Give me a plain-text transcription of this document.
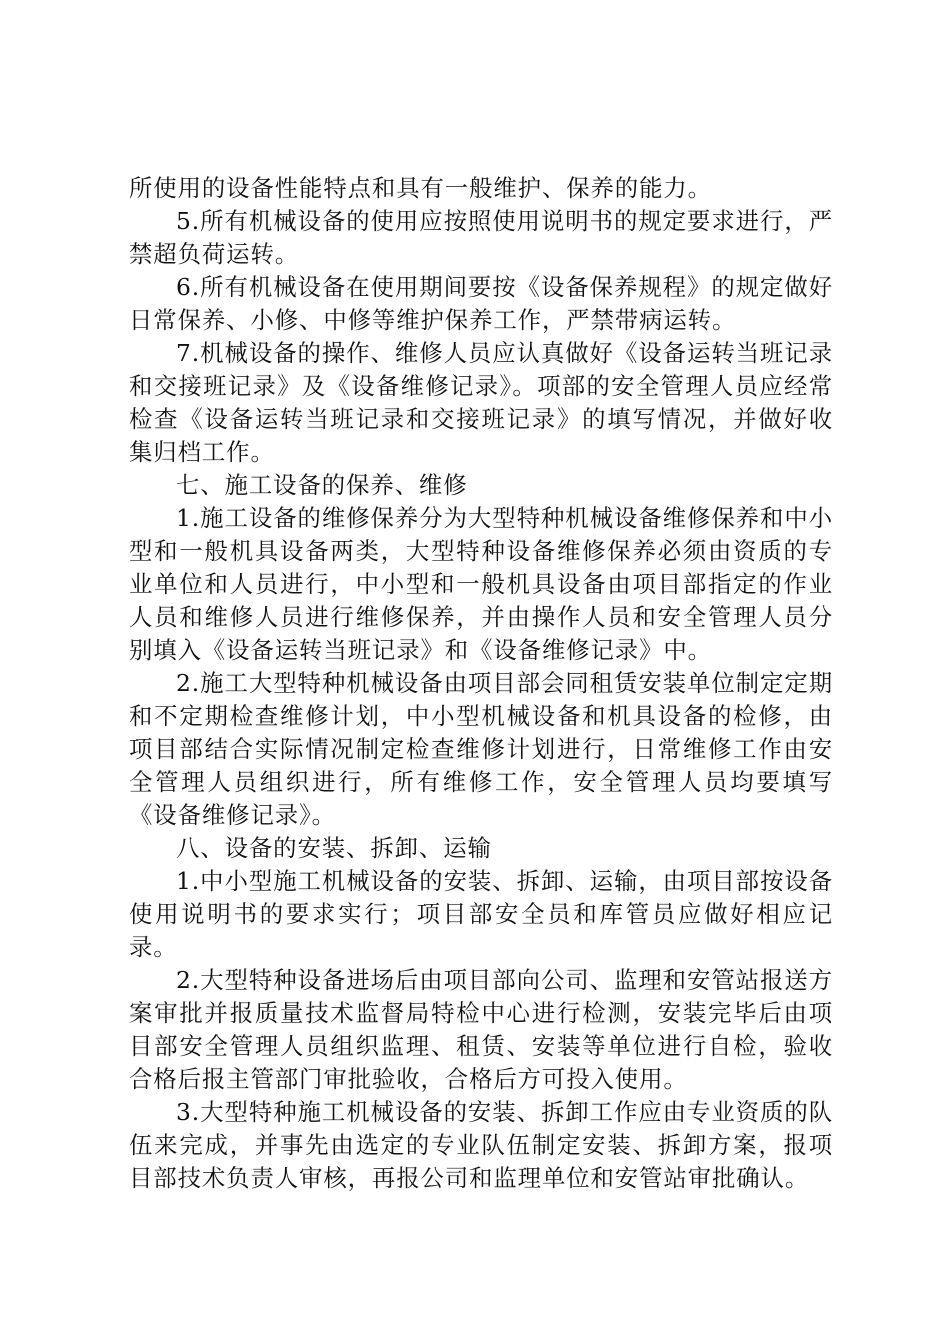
所使用的设备性能特点和具有一般维护、保养的能力。

5.所有机械设备的使用应按照使用说明书的规定要求进行，严禁超负荷运转。

6.所有机械设备在使用期间要按《设备保养规程》的规定做好日常保养、小修、中修等维护保养工作，严禁带病运转。

7.机械设备的操作、维修人员应认真做好《设备运转当班记录和交接班记录》及《设备维修记录》。项部的安全管理人员应经常检查《设备运转当班记录和交接班记录》的填写情况，并做好收集归档工作。

七、施工设备的保养、维修

1.施工设备的维修保养分为大型特种机械设备维修保养和中小型和一般机具设备两类，大型特种设备维修保养必须由资质的专业单位和人员进行，中小型和一般机具设备由项目部指定的作业人员和维修人员进行维修保养，并由操作人员和安全管理人员分别填入《设备运转当班记录》和《设备维修记录》中。

2.施工大型特种机械设备由项目部会同租赁安装单位制定定期和不定期检查维修计划，中小型机械设备和机具设备的检修，由项目部结合实际情况制定检查维修计划进行，日常维修工作由安全管理人员组织进行，所有维修工作，安全管理人员均要填写《设备维修记录》。

八、设备的安装、拆卸、运输

1.中小型施工机械设备的安装、拆卸、运输，由项目部按设备使用说明书的要求实行；项目部安全员和库管员应做好相应记录。

2.大型特种设备进场后由项目部向公司、监理和安管站报送方案审批并报质量技术监督局特检中心进行检测，安装完毕后由项目部安全管理人员组织监理、租赁、安装等单位进行自检，验收合格后报主管部门审批验收，合格后方可投入使用。

3.大型特种施工机械设备的安装、拆卸工作应由专业资质的队伍来完成，并事先由选定的专业队伍制定安装、拆卸方案，报项目部技术负责人审核，再报公司和监理单位和安管站审批确认。
